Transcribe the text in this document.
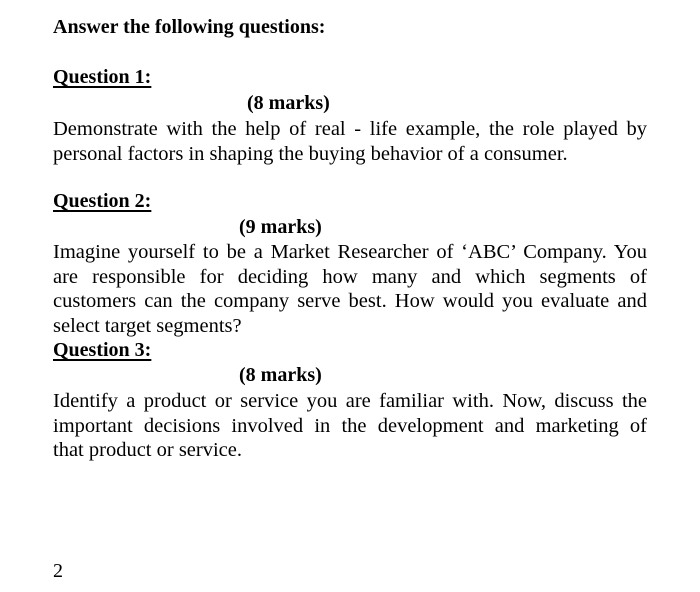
Answer the following questions:
Question 1:
(8 marks)
Demonstrate with the help of real - life example, the role played by
personal factors in shaping the buying behavior of a consumer.
Question 2:
(9 marks)
Imagine yourself to be a Market Researcher of ‘ABC’ Company. You
are responsible for deciding how many and which segments of
customers can the company serve best. How would you evaluate and
select target segments?
Question 3:
(8 marks)
Identify a product or service you are familiar with. Now, discuss the
important decisions involved in the development and marketing of
that product or service.
2
